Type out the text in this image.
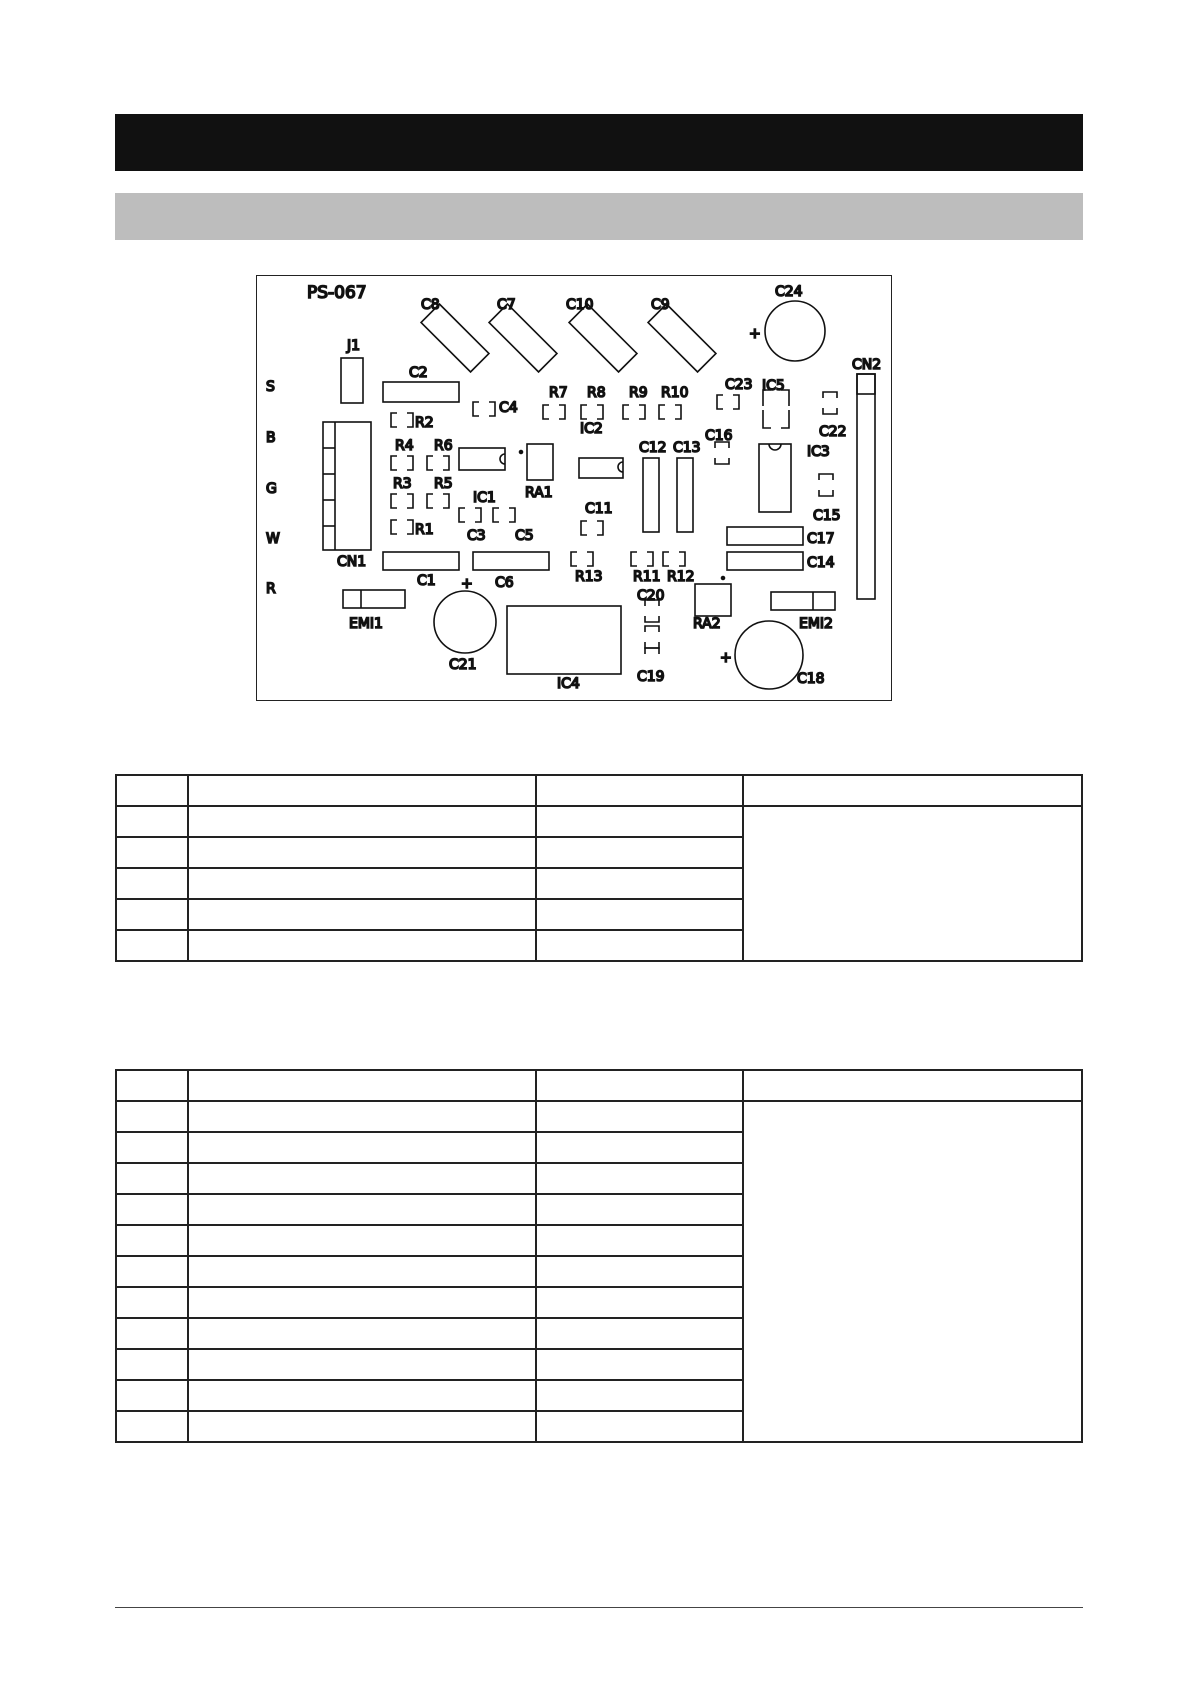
PS-067
S
B
G
W
R
C8	C7	C10	C9
C24
+
CN2
J1
C2
C4
R7 R8 R9 R10	C23
IC2
IC5
C22
R2
R4 R6
R3 R5
R1
IC1 RA1
C12 C13
C16
IC3
C15
CN1
C3 C5
C11
C17
C14
R13 R11 R12
C1	C6
C20
C19
RA2	EMI2
EMI1
+
C21
IC4
+
C18
